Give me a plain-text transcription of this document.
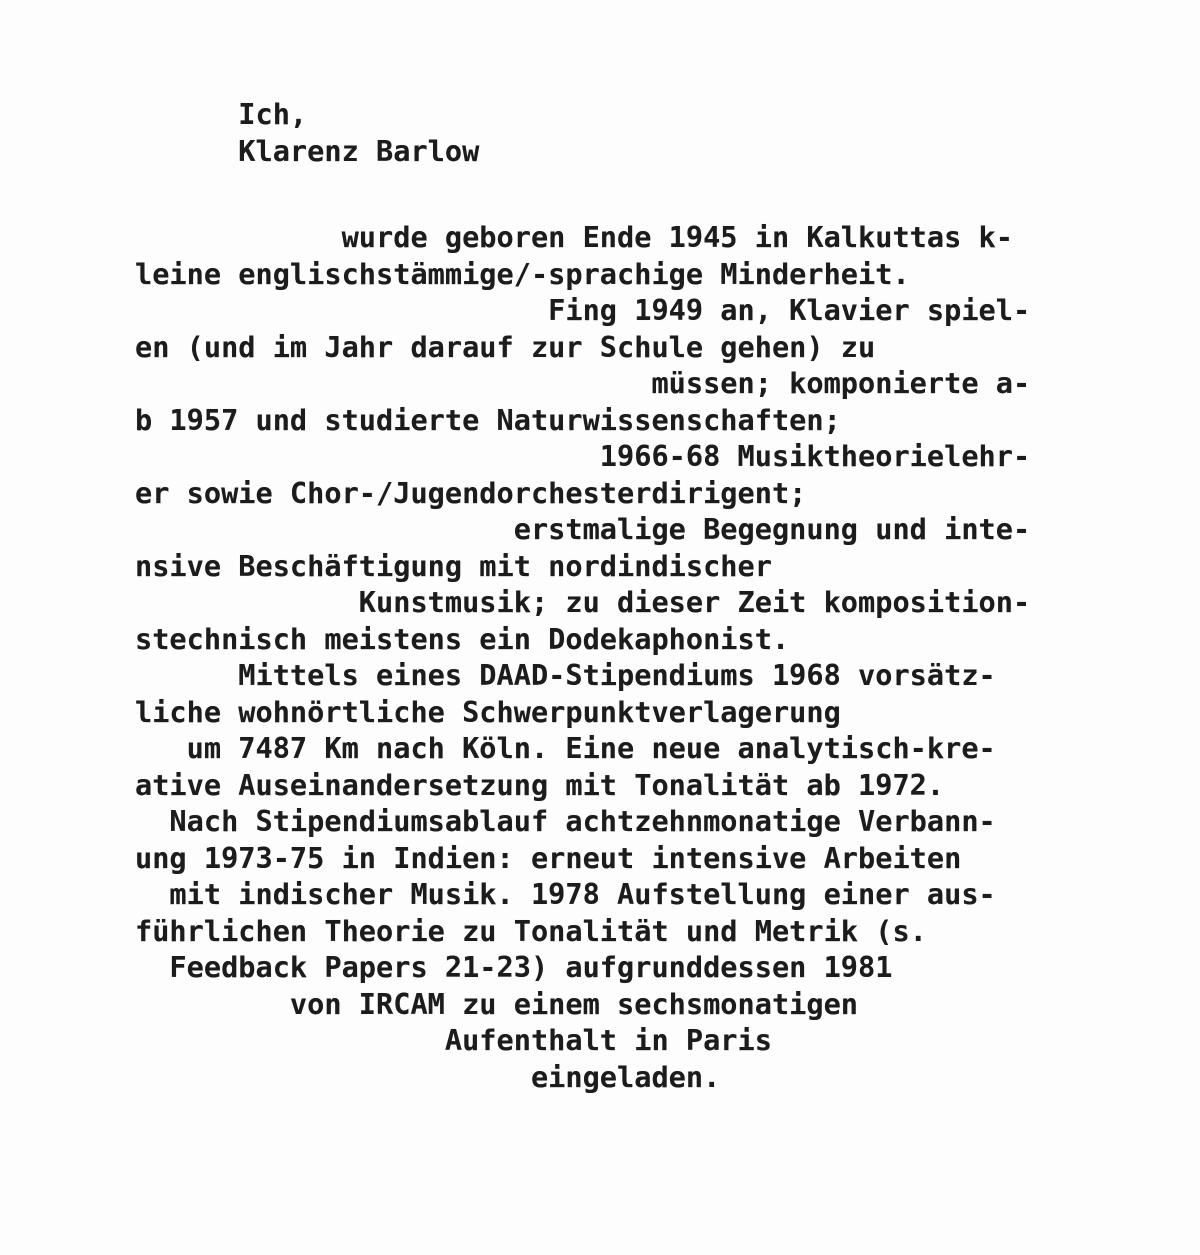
Ich,
Klarenz Barlow
wurde geboren Ende 1945 in Kalkuttas k-
leine englischstämmige/-sprachige Minderheit.
Fing 1949 an, Klavier spiel-
en (und im Jahr darauf zur Schule gehen) zu
müssen; komponierte a-
b 1957 und studierte Naturwissenschaften;
1966-68 Musiktheorielehr-
er sowie Chor-/Jugendorchesterdirigent;
erstmalige Begegnung und inte-
nsive Beschäftigung mit nordindischer
Kunstmusik; zu dieser Zeit komposition-
stechnisch meistens ein Dodekaphonist.
Mittels eines DAAD-Stipendiums 1968 vorsätz-
liche wohnörtliche Schwerpunktverlagerung
um 7487 Km nach Köln. Eine neue analytisch-kre-
ative Auseinandersetzung mit Tonalität ab 1972.
Nach Stipendiumsablauf achtzehnmonatige Verbann-
ung 1973-75 in Indien: erneut intensive Arbeiten
mit indischer Musik. 1978 Aufstellung einer aus-
führlichen Theorie zu Tonalität und Metrik (s.
Feedback Papers 21-23) aufgrunddessen 1981
von IRCAM zu einem sechsmonatigen
Aufenthalt in Paris
eingeladen.
